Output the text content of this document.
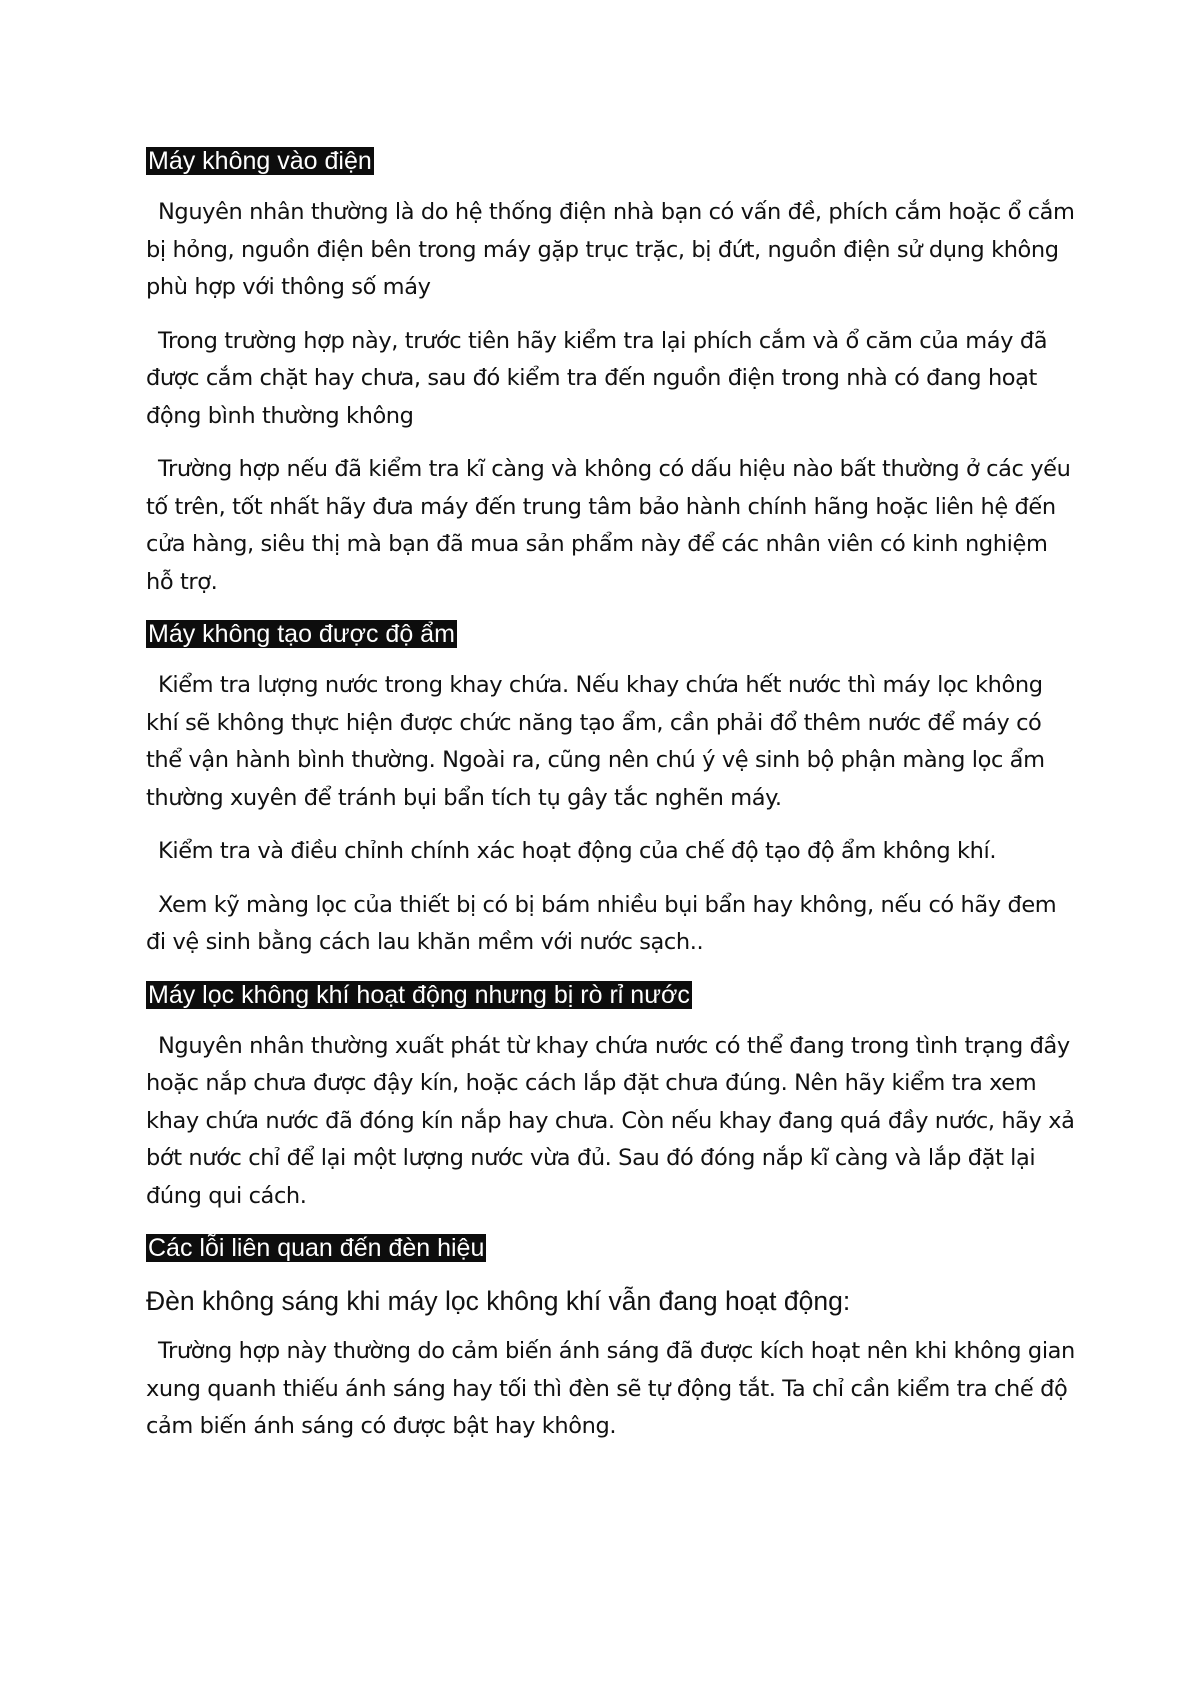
Máy không vào điện

Nguyên nhân thường là do hệ thống điện nhà bạn có vấn đề, phích cắm hoặc ổ cắm bị hỏng, nguồn điện bên trong máy gặp trục trặc, bị đứt, nguồn điện sử dụng không phù hợp với thông số máy

Trong trường hợp này, trước tiên hãy kiểm tra lại phích cắm và ổ căm của máy đã được cắm chặt hay chưa, sau đó kiểm tra đến nguồn điện trong nhà có đang hoạt động bình thường không

Trường hợp nếu đã kiểm tra kĩ càng và không có dấu hiệu nào bất thường ở các yếu tố trên, tốt nhất hãy đưa máy đến trung tâm bảo hành chính hãng hoặc liên hệ đến cửa hàng, siêu thị mà bạn đã mua sản phẩm này để các nhân viên có kinh nghiệm hỗ trợ.

Máy không tạo được độ ẩm

Kiểm tra lượng nước trong khay chứa. Nếu khay chứa hết nước thì máy lọc không khí sẽ không thực hiện được chức năng tạo ẩm, cần phải đổ thêm nước để máy có thể vận hành bình thường. Ngoài ra, cũng nên chú ý vệ sinh bộ phận màng lọc ẩm thường xuyên để tránh bụi bẩn tích tụ gây tắc nghẽn máy.

Kiểm tra và điều chỉnh chính xác hoạt động của chế độ tạo độ ẩm không khí.

Xem kỹ màng lọc của thiết bị có bị bám nhiều bụi bẩn hay không, nếu có hãy đem đi vệ sinh bằng cách lau khăn mềm với nước sạch..

Máy lọc không khí hoạt động nhưng bị rò rỉ nước

Nguyên nhân thường xuất phát từ khay chứa nước có thể đang trong tình trạng đầy hoặc nắp chưa được đậy kín, hoặc cách lắp đặt chưa đúng. Nên hãy kiểm tra xem khay chứa nước đã đóng kín nắp hay chưa. Còn nếu khay đang quá đầy nước, hãy xả bớt nước chỉ để lại một lượng nước vừa đủ. Sau đó đóng nắp kĩ càng và lắp đặt lại đúng qui cách.

Các lỗi liên quan đến đèn hiệu
Đèn không sáng khi máy lọc không khí vẫn đang hoạt động:

Trường hợp này thường do cảm biến ánh sáng đã được kích hoạt nên khi không gian xung quanh thiếu ánh sáng hay tối thì đèn sẽ tự động tắt. Ta chỉ cần kiểm tra chế độ cảm biến ánh sáng có được bật hay không.
